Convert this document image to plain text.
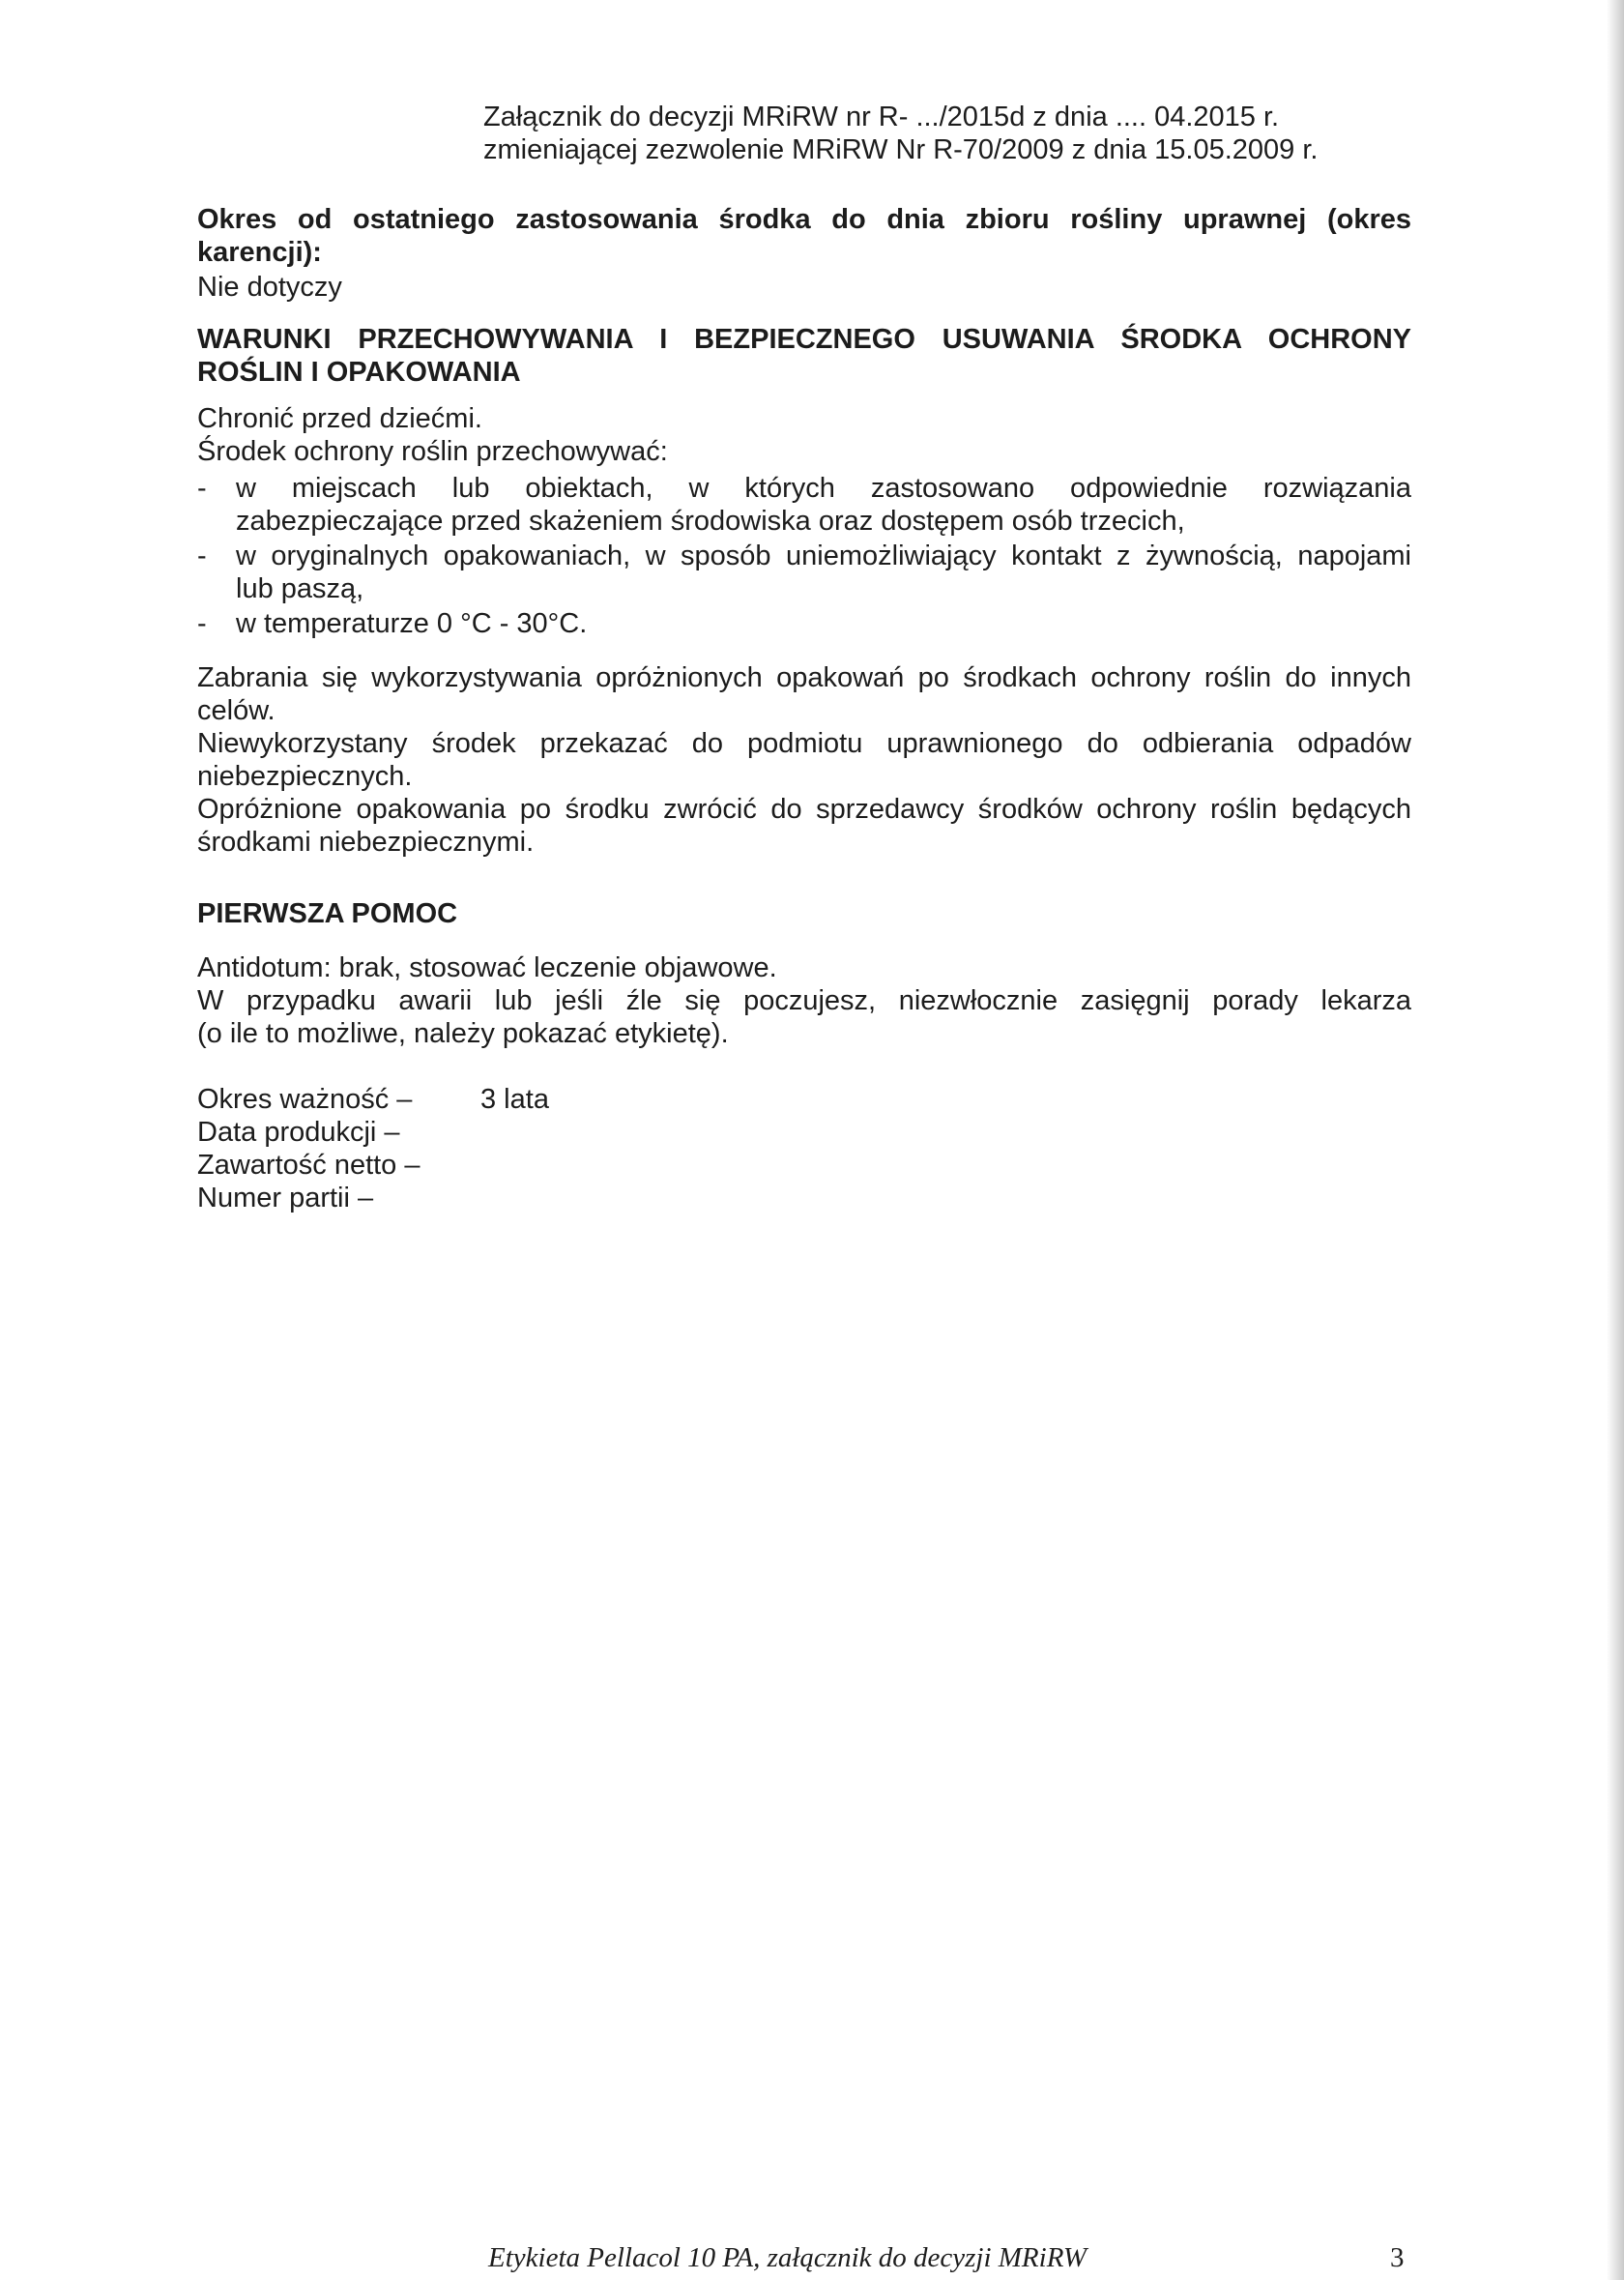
Załącznik do decyzji MRiRW nr R- .../2015d z dnia .... 04.2015 r.

zmieniającej zezwolenie MRiRW Nr R-70/2009 z dnia 15.05.2009 r.

Okres od ostatniego zastosowania środka do dnia zbioru rośliny uprawnej (okres

karencji):

Nie dotyczy

WARUNKI PRZECHOWYWANIA I BEZPIECZNEGO USUWANIA ŚRODKA OCHRONY

ROŚLIN I OPAKOWANIA

Chronić przed dziećmi.

Środek ochrony roślin przechowywać:

- w miejscach lub obiektach, w których zastosowano odpowiednie rozwiązania

zabezpieczające przed skażeniem środowiska oraz dostępem osób trzecich,

- w oryginalnych opakowaniach, w sposób uniemożliwiający kontakt z żywnością, napojami

lub paszą,

- w temperaturze 0 °C - 30°C.

Zabrania się wykorzystywania opróżnionych opakowań po środkach ochrony roślin do innych

celów.

Niewykorzystany środek przekazać do podmiotu uprawnionego do odbierania odpadów

niebezpiecznych.

Opróżnione opakowania po środku zwrócić do sprzedawcy środków ochrony roślin będących

środkami niebezpiecznymi.

PIERWSZA POMOC

Antidotum: brak, stosować leczenie objawowe.

W przypadku awarii lub jeśli źle się poczujesz, niezwłocznie zasięgnij porady lekarza

(o ile to możliwe, należy pokazać etykietę).

Okres ważność – 3 lata

Data produkcji –

Zawartość netto –

Numer partii –

Etykieta Pellacol 10 PA, załącznik do decyzji MRiRW	3
